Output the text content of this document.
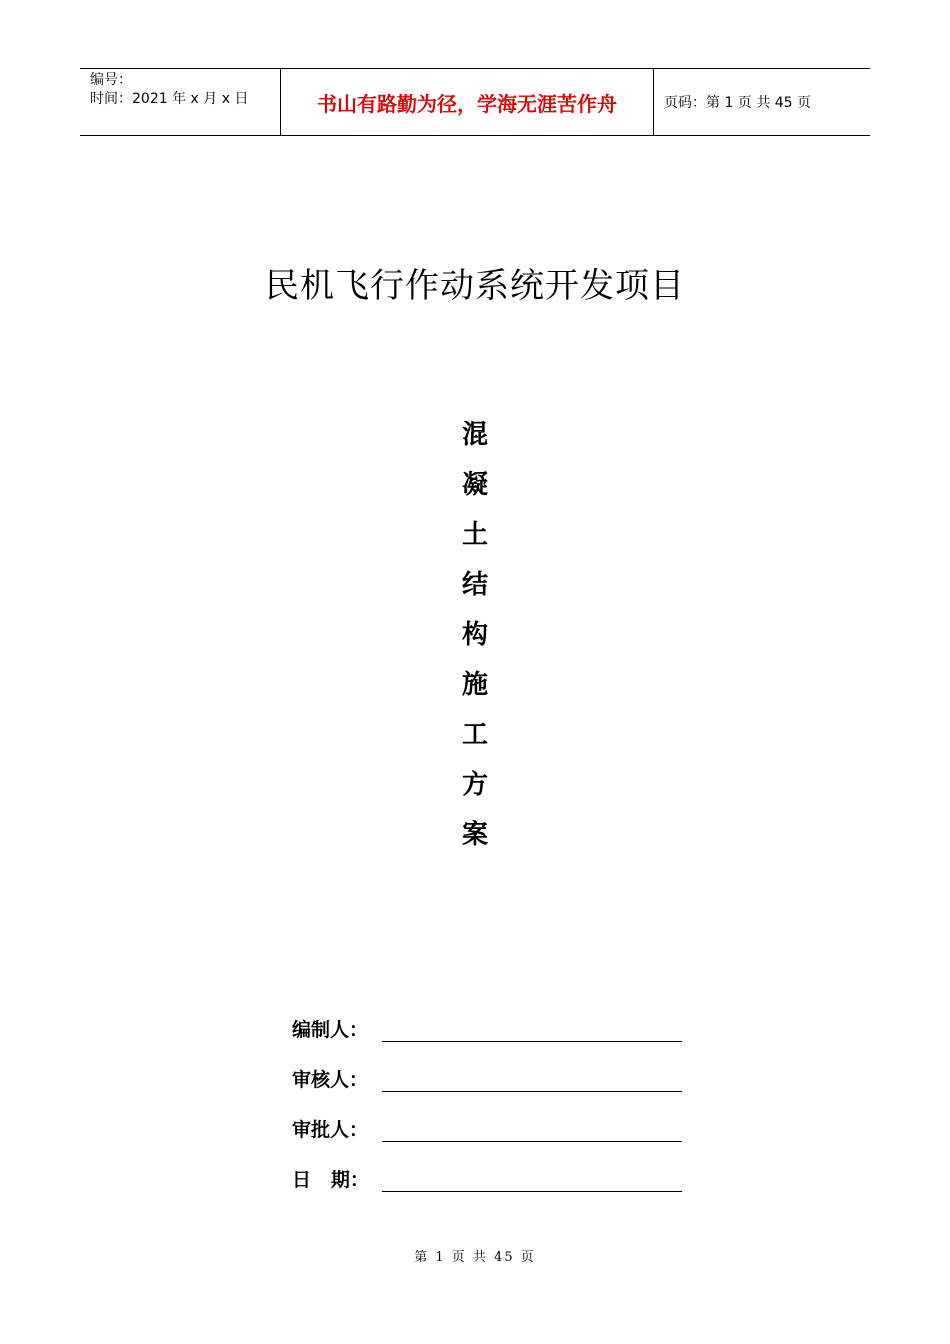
编号：
时间：2021 年 x 月 x 日	书山有路勤为径，学海无涯苦作舟	页码：第 1 页 共 45 页
民机飞行作动系统开发项目
混
凝
土
结
构
施
工
方
案
编制人：
审核人：
审批人：
日   期：
第 1 页 共 45 页
